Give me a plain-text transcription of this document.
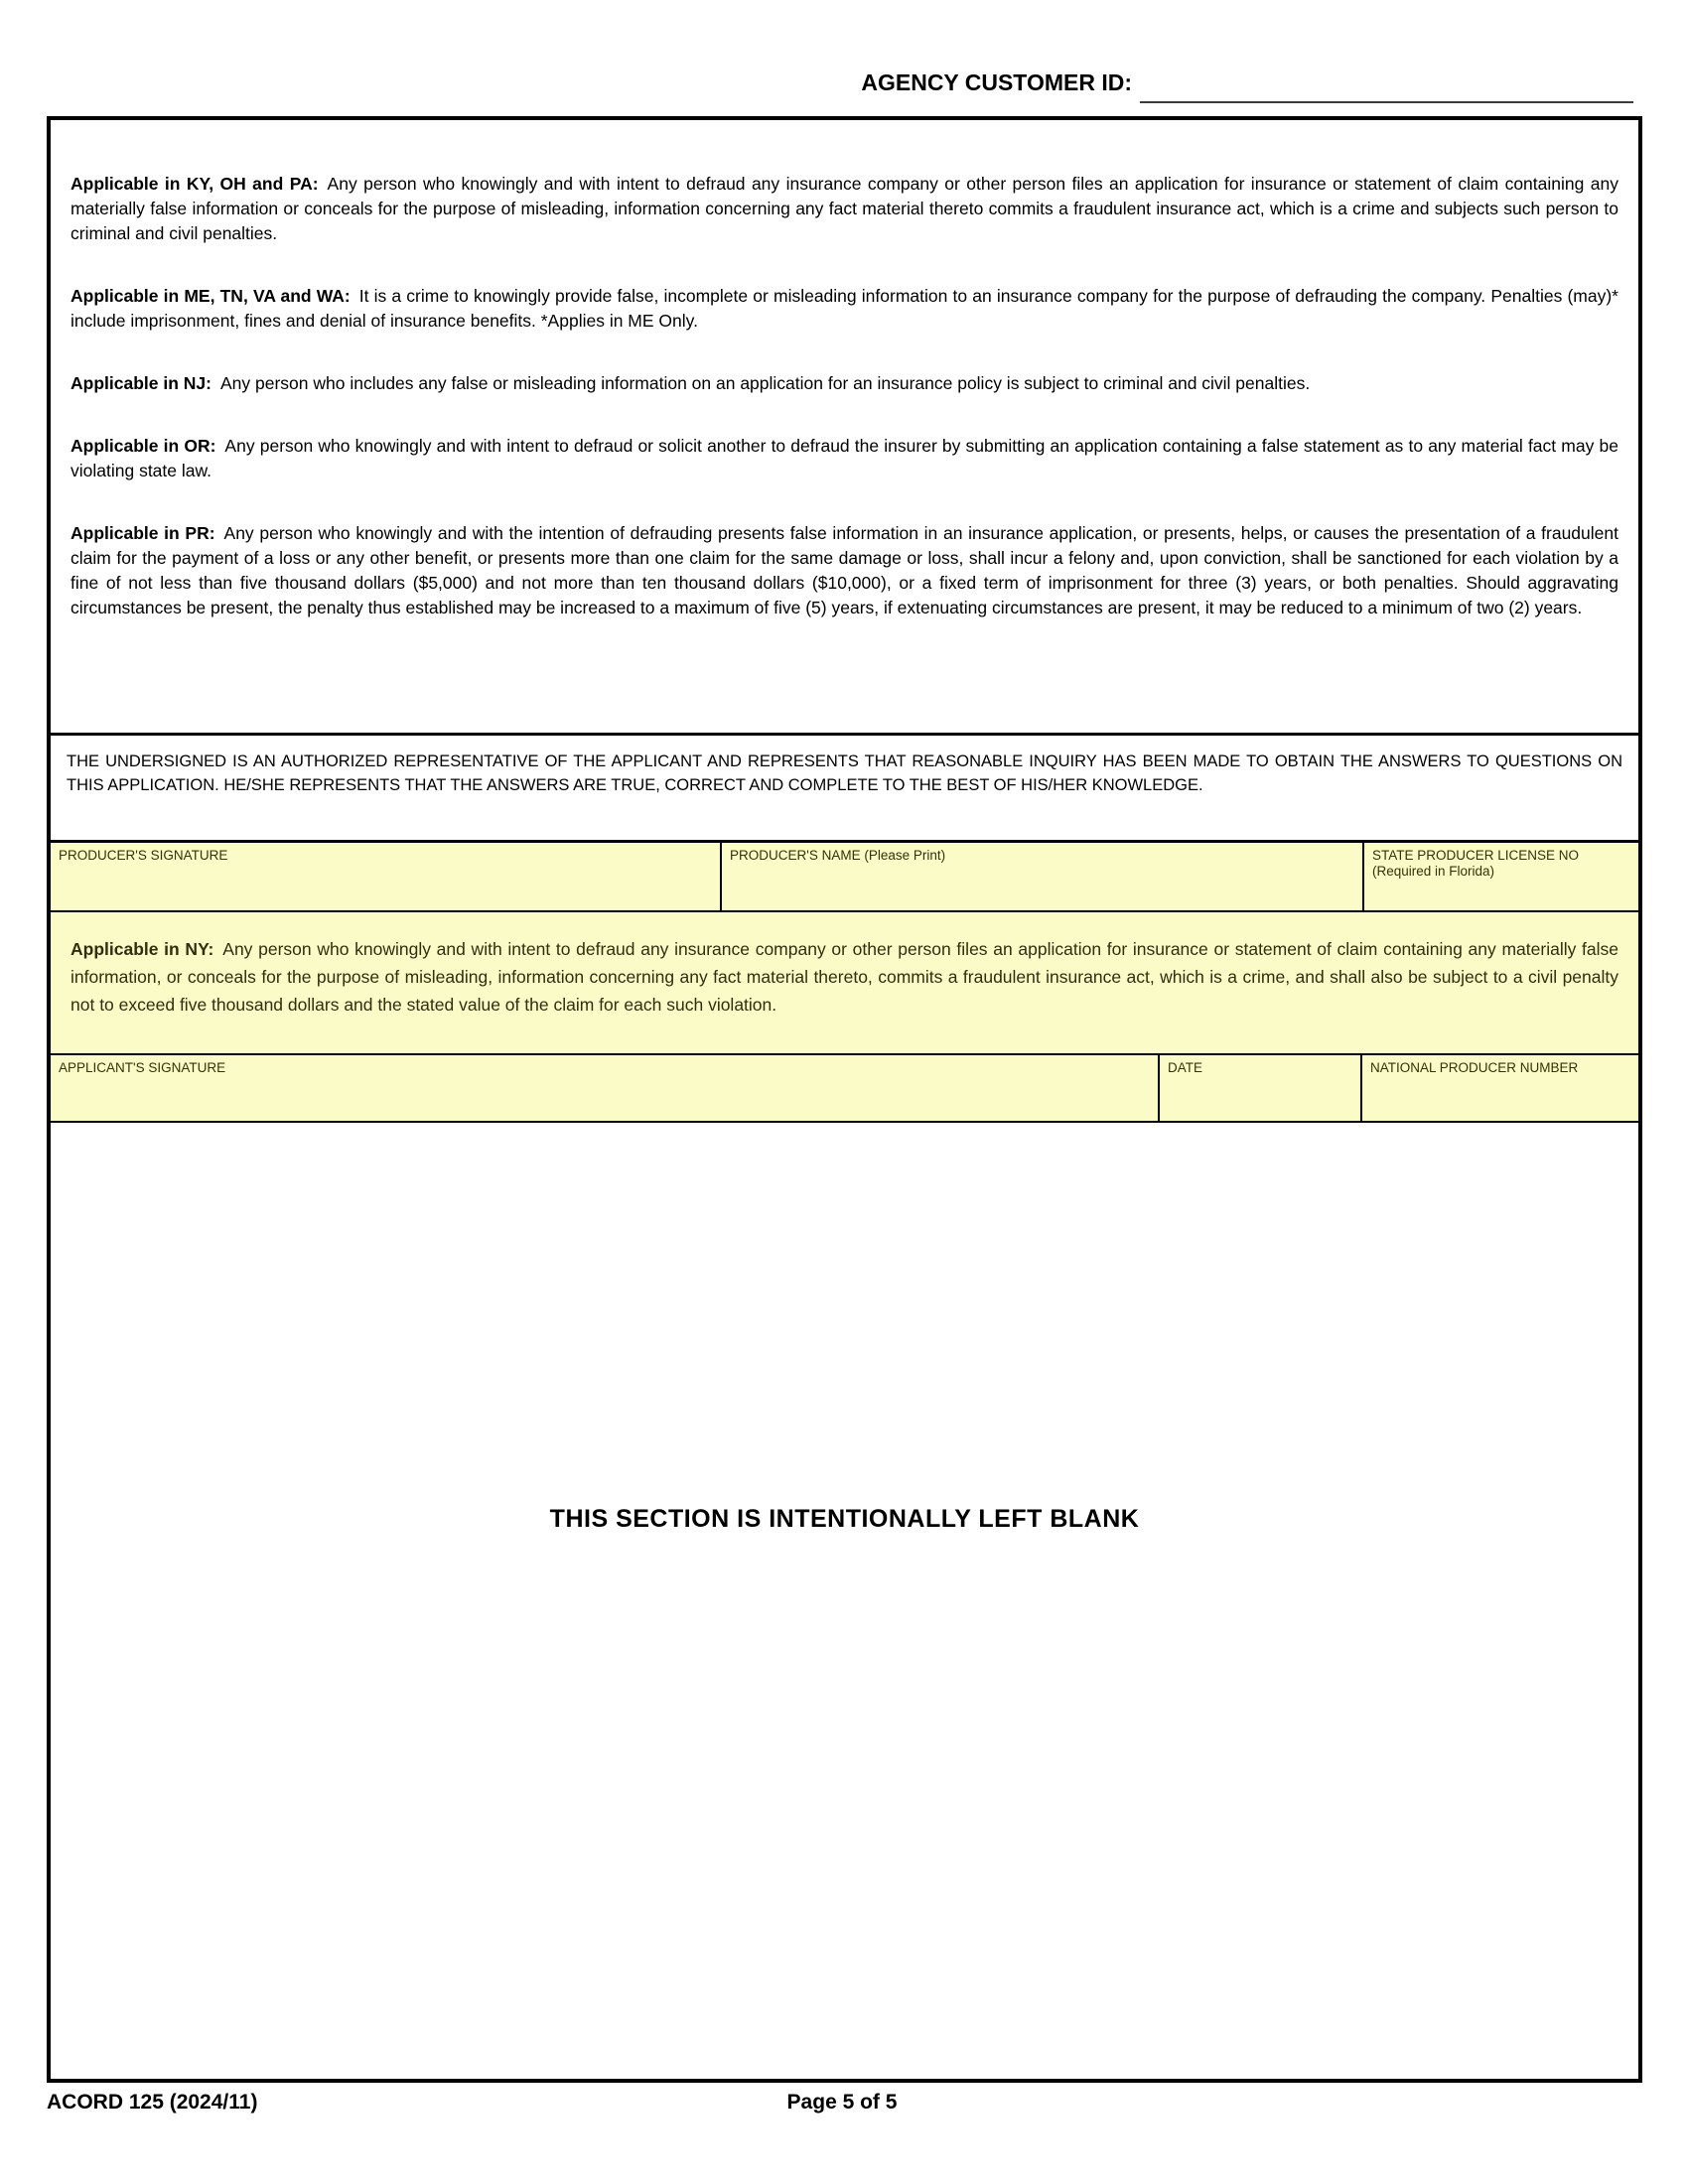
AGENCY CUSTOMER ID:

Applicable in KY, OH and PA: Any person who knowingly and with intent to defraud any insurance company or other person files an application for insurance or statement of claim containing any materially false information or conceals for the purpose of misleading, information concerning any fact material thereto commits a fraudulent insurance act, which is a crime and subjects such person to criminal and civil penalties.

Applicable in ME, TN, VA and WA: It is a crime to knowingly provide false, incomplete or misleading information to an insurance company for the purpose of defrauding the company. Penalties (may)* include imprisonment, fines and denial of insurance benefits. *Applies in ME Only.

Applicable in NJ: Any person who includes any false or misleading information on an application for an insurance policy is subject to criminal and civil penalties.

Applicable in OR: Any person who knowingly and with intent to defraud or solicit another to defraud the insurer by submitting an application containing a false statement as to any material fact may be violating state law.

Applicable in PR: Any person who knowingly and with the intention of defrauding presents false information in an insurance application, or presents, helps, or causes the presentation of a fraudulent claim for the payment of a loss or any other benefit, or presents more than one claim for the same damage or loss, shall incur a felony and, upon conviction, shall be sanctioned for each violation by a fine of not less than five thousand dollars ($5,000) and not more than ten thousand dollars ($10,000), or a fixed term of imprisonment for three (3) years, or both penalties. Should aggravating circumstances be present, the penalty thus established may be increased to a maximum of five (5) years, if extenuating circumstances are present, it may be reduced to a minimum of two (2) years.

THE UNDERSIGNED IS AN AUTHORIZED REPRESENTATIVE OF THE APPLICANT AND REPRESENTS THAT REASONABLE INQUIRY HAS BEEN MADE TO OBTAIN THE ANSWERS TO QUESTIONS ON THIS APPLICATION. HE/SHE REPRESENTS THAT THE ANSWERS ARE TRUE, CORRECT AND COMPLETE TO THE BEST OF HIS/HER KNOWLEDGE.

PRODUCER'S SIGNATURE	PRODUCER'S NAME (Please Print)	STATE PRODUCER LICENSE NO
(Required in Florida)

Applicable in NY: Any person who knowingly and with intent to defraud any insurance company or other person files an application for insurance or statement of claim containing any materially false information, or conceals for the purpose of misleading, information concerning any fact material thereto, commits a fraudulent insurance act, which is a crime, and shall also be subject to a civil penalty not to exceed five thousand dollars and the stated value of the claim for each such violation.

APPLICANT'S SIGNATURE	DATE	NATIONAL PRODUCER NUMBER
THIS SECTION IS INTENTIONALLY LEFT BLANK
ACORD 125 (2024/11)	Page 5 of 5
